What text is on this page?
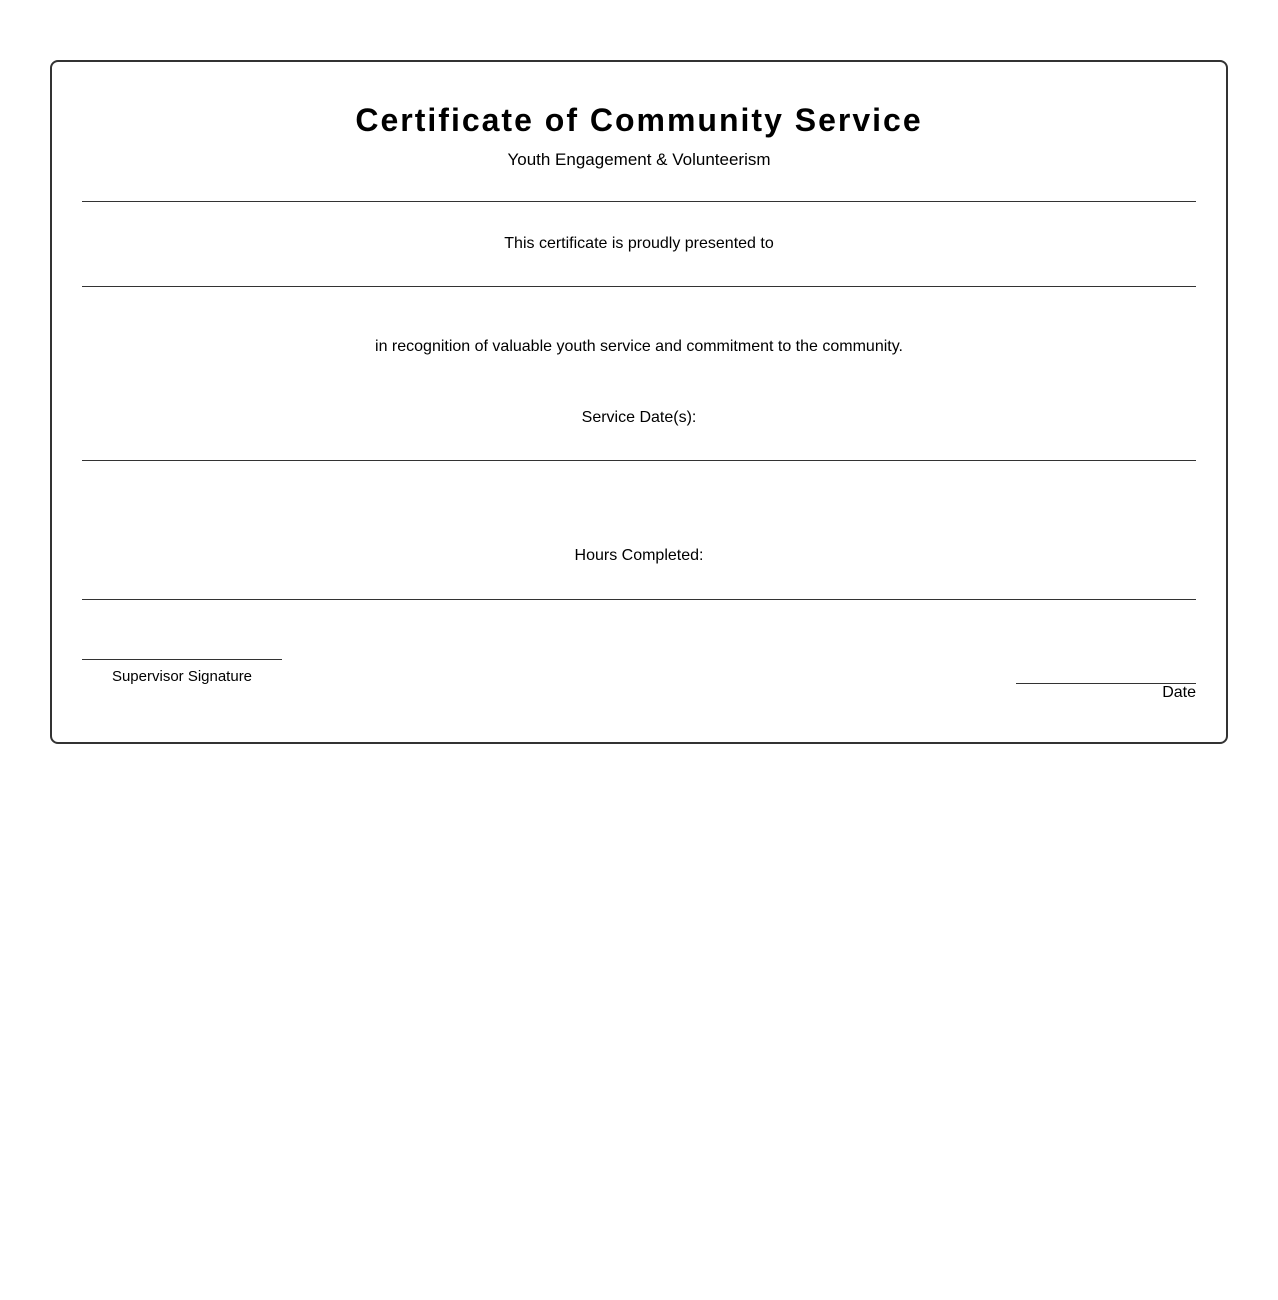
Certificate of Community Service
Youth Engagement & Volunteerism
This certificate is proudly presented to
in recognition of valuable youth service and commitment to the community.
Service Date(s):
Hours Completed:
Supervisor Signature
Date
